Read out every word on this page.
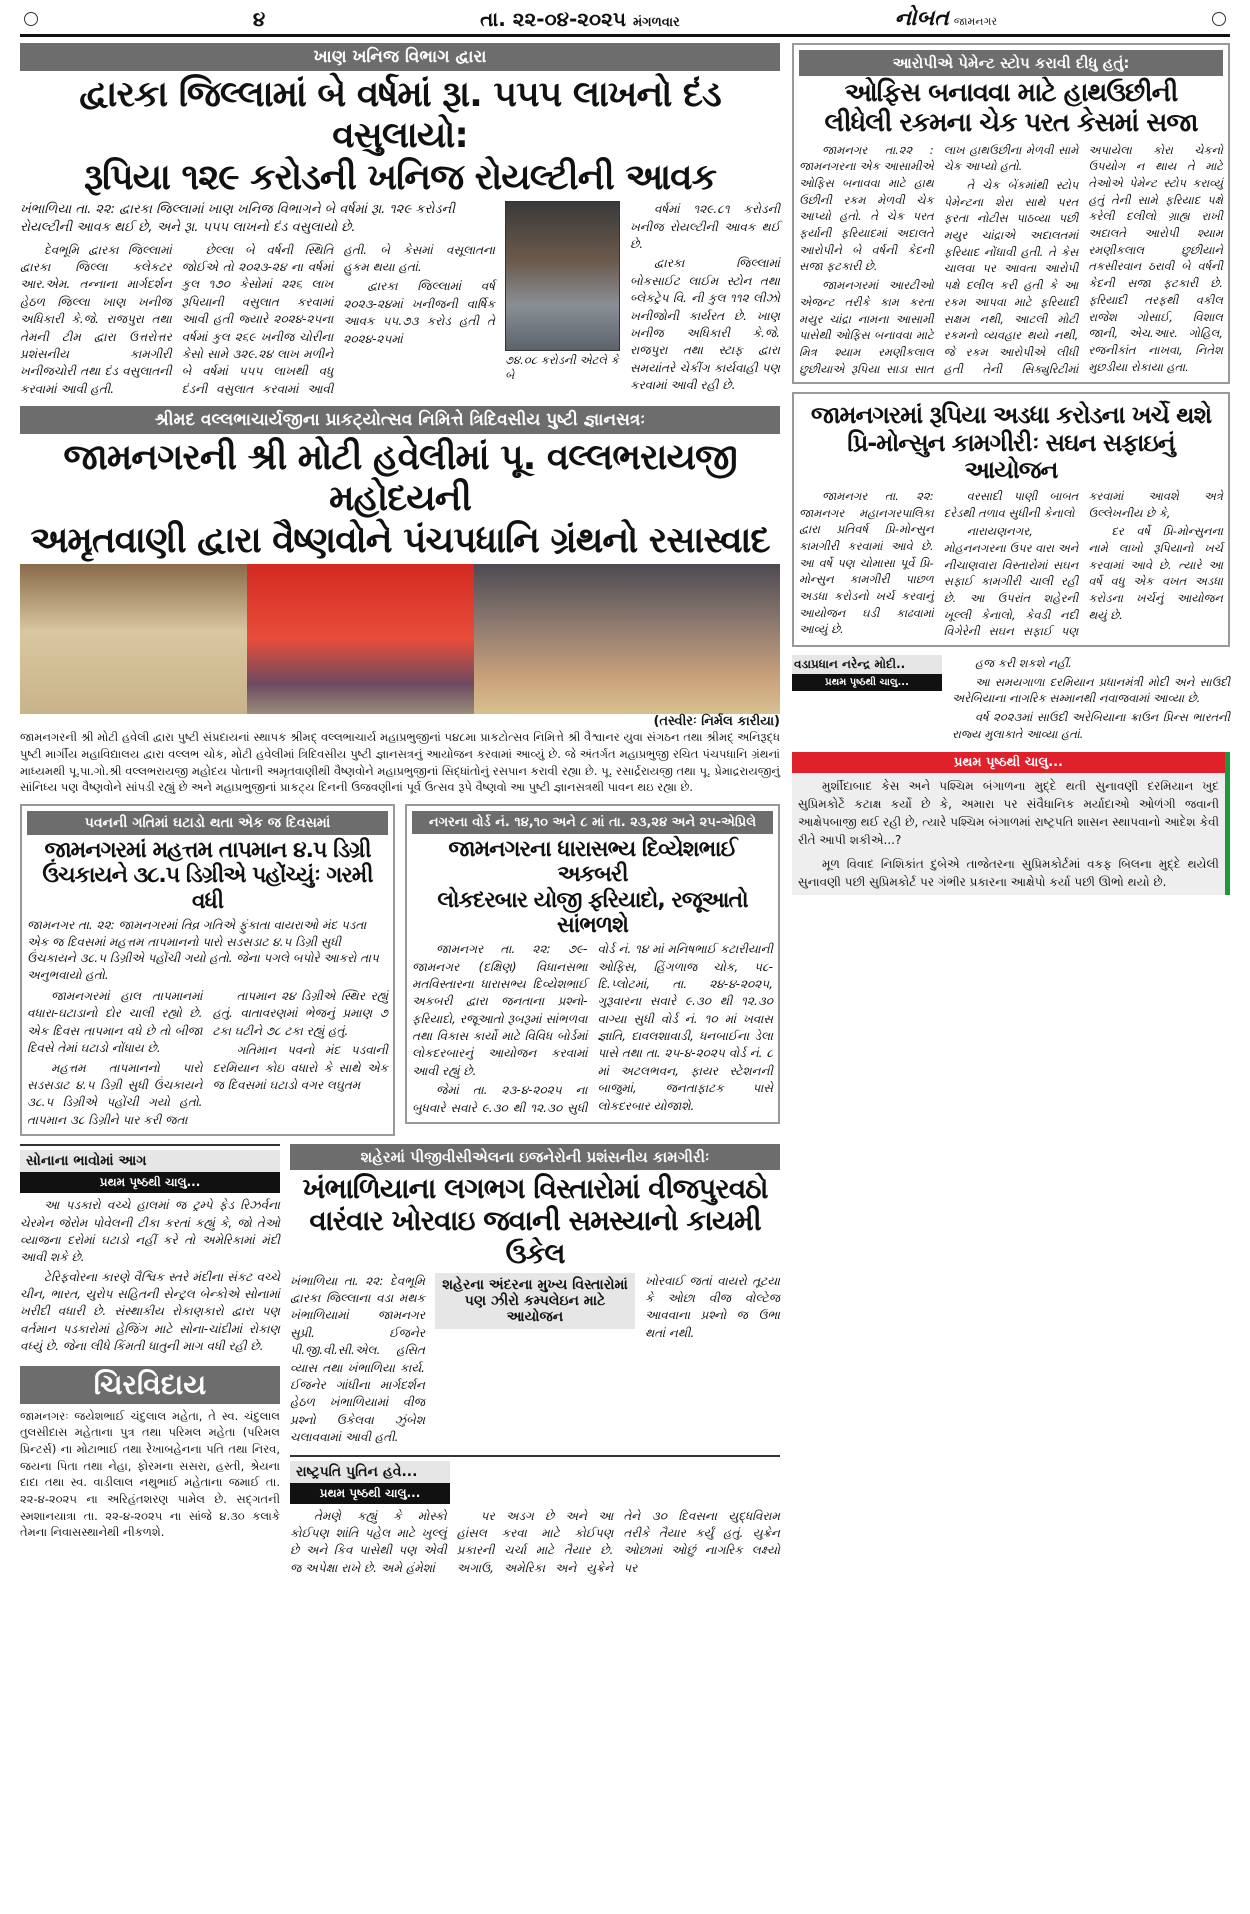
૪	તા. ૨૨-૦૪-૨૦૨૫ મંગળવાર	નોબત જામનગર
ખાણ ખનિજ વિભાગ દ્વારા
દ્વારકા જિલ્લામાં બે વર્ષમાં રૂા. ૫૫૫ લાખનો દંડ વસુલાયો:
રૂપિયા ૧૨૯ કરોડની ખનિજ રોયલ્ટીની આવક
ખંભાળિયા તા. ૨૨: દ્વારકા જિલ્લામાં ખાણ ખનિજ વિભાગને બે વર્ષમાં રૂા. ૧૨૯ કરોડની રોયલ્ટીની આવક થઈ છે, અને રૂા. ૫૫૫ લાખનો દંડ વસુલાયો છે.

દેવભૂમિ દ્વારકા જિલ્લામાં દ્વારકા જિલ્લા કલેકટર આર.એમ. તન્નાના માર્ગદર્શન હેઠળ જિલ્લા ખાણ ખનીજ અધિકારી કે.જે. રાજપુરા તથા તેમની ટીમ દ્વારા ઉત્તરોત્તર પ્રશંસનીય કામગીરી ખનીજચોરી તથા દંડ વસુલાતની કરવામાં આવી હતી.

છેલ્લા બે વર્ષની સ્થિતિ જોઈએ તો ૨૦૨૩-૨૪ ના વર્ષમાં કુલ ૧૭૦ કેસોમાં ૨૨૬ લાખ રૂપિયાની વસુલાત કરવામાં આવી હતી જ્યારે ૨૦૨૪-૨૫ના વર્ષમાં કુલ ૨૬૯ ખનીજ ચોરીના કેસો સામે ૩૨૯.૨૪ લાખ મળીને બે વર્ષમાં ૫૫૫ લાખથી વધુ દંડની વસુલાત કરવામાં આવી હતી. બે કેસમાં વસૂલાતના હુકમ થયા હતાં.

દ્વારકા જિલ્લામાં વર્ષ ૨૦૨૩-૨૪માં ખનીજની વાર્ષિક આવક ૫૫.૭૩ કરોડ હતી તે ૨૦૨૪-૨૫માં

૭૪.૦૮ કરોડની એટલે કે બે

વર્ષમાં ૧૨૯.૮૧ કરોડની ખનીજ રોયલ્ટીની આવક થઈ છે.

દ્વારકા જિલ્લામાં બોકસાઈટ લાઈમ સ્ટોન તથા બ્લેકટ્રેપ વિ. ની કુલ ૧૧૨ લીઝો ખનીજોની કાર્યરત છે. ખાણ ખનીજ અધિકારી કે.જે. રાજપુરા તથા સ્ટાફ દ્વારા સમયાંતરે ચેકીંગ કાર્યવાહી પણ કરવામાં આવી રહી છે.

શ્રીમદ વલ્લભાચાર્યજીના પ્રાકટ્યોત્સવ નિમિત્તે ત્રિદિવસીય પુષ્ટી જ્ઞાનસત્રઃ
જામનગરની શ્રી મોટી હવેલીમાં પૂ. વલ્લભરાયજી મહોદયની
અમૃતવાણી દ્વારા વૈષ્ણવોને પંચપધાનિ ગ્રંથનો રસાસ્વાદ
(તસ્વીરઃ નિર્મલ કારીયા)
જામનગરની શ્રી મોટી હવેલી દ્વારા પુષ્ટી સંપ્રદાયનાં સ્થાપક શ્રીમદ્ વલ્લભાચાર્ય મહાપ્રભુજીનાં ૫૪૮મા પ્રાકટોત્સવ નિમિત્તે શ્રી વૈશ્વાનર યુવા સંગઠન તથા શ્રીમદ્ અનિરૂદ્ધ પુષ્ટી માર્ગીય મહાવિદ્યાલય દ્વારા વલ્લભ ચોક, મોટી હવેલીમાં ત્રિદિવસીય પુષ્ટી જ્ઞાનસત્રનું આયોજન કરવામાં આવ્યું છે. જે અંતર્ગત મહાપ્રભુજી રચિત પંચપધાનિ ગ્રંથનાં માધ્યમથી પૂ.પા.ગો.શ્રી વલ્લભરાયજી મહોદય પોતાની અમૃતવાણીથી વૈષ્ણવોને મહાપ્રભુજીનાં સિદ્ધાંતોનું રસપાન કરાવી રહ્યા છે. પૂ. રસાર્દ્રરાયજી તથા પૂ. પ્રેમાદ્રરાયજીનું સાંનિધ્ય પણ વૈષ્ણવોને સાંપડી રહ્યું છે અને મહાપ્રભુજીનાં પ્રાકટ્ય દિનની ઉજવણીનાં પૂર્વ ઉત્સવ રૂપે વૈષ્ણવો આ પુષ્ટી જ્ઞાનસત્રથી પાવન થઇ રહ્યા છે.
પવનની ગતિમાં ઘટાડો થતા એક જ દિવસમાં
જામનગરમાં મહત્તમ તાપમાન ૪.૫ ડિગ્રી
ઉંચકાયને ૩૮.૫ ડિગ્રીએ પહોંચ્યુંઃ ગરમી વધી
જામનગર તા. ૨૨: જામનગરમાં તિવ્ર ગતિએ ફુંકાતા વાયરાઓ મંદ પડતા એક જ દિવસમાં મહત્તમ તાપમાનનો પારો સડસડાટ ૪.૫ ડિગ્રી સુધી ઉંચકાયને ૩૮.૫ ડિગ્રીએ પહોંચી ગયો હતો. જેના પગલે બપોરે આકરો તાપ અનુભવાયો હતો.

જામનગરમાં હાલ તાપમાનમાં વધારા-ઘટાડાનો દોર ચાલી રહ્યો છે. એક દિવસ તાપમાન વધે છે તો બીજા દિવસે તેમાં ઘટાડો નોંધાય છે.

મહત્તમ તાપમાનનો પારો સડસડાટ ૪.૫ ડિગ્રી સુધી ઉંચકાયને ૩૮.૫ ડિગ્રીએ પહોંચી ગયો હતો. તાપમાન ૩૮ ડિગ્રીને પાર કરી જતા

તાપમાન ૨૪ ડિગ્રીએ સ્થિર રહ્યું હતું. વાતાવરણમાં ભેજનું પ્રમાણ ૭ ટકા ઘટીને ૭૮ ટકા રહ્યું હતું.

ગતિમાન પવનો મંદ પડવાની દરમિયાન કોઇ વધારો કે સાથે એક જ દિવસમાં ઘટાડો વગર લઘુતમ

નગરના વોર્ડ નં. ૧૪,૧૦ અને ૮ માં તા. ૨૩,૨૪ અને ૨૫-એપ્રિલે
જામનગરના ધારાસભ્ય દિવ્યેશભાઈ અકબરી
લોકદરબાર યોજી ફરિયાદો, રજૂઆતો સાંભળશે

જામનગર તા. ૨૨: ૭૯-જામનગર (દક્ષિણ) વિધાનસભા મતવિસ્તારના ધારાસભ્ય દિવ્યેશભાઈ અકબરી દ્વારા જનતાના પ્રશ્નો-ફરિયાદો, રજૂઆતો રૂબરૂમાં સાંભળવા તથા વિકાસ કાર્યો માટે વિવિધ બોર્ડમાં લોકદરબારનું આયોજન કરવામાં આવી રહ્યું છે.

જેમાં તા. ૨૩-૪-૨૦૨૫ ના બુધવારે સવારે ૯.૩૦ થી ૧૨.૩૦ સુધી વોર્ડ નં. ૧૪ માં મનિષભાઈ કટારીયાની ઓફિસ, હિંગળાજ ચોક, ૫૮-દિ.પ્લોટમાં, તા. ૨૪-૪-૨૦૨૫, ગુરૂવારના સવારે ૯.૩૦ થી ૧૨.૩૦ વાગ્યા સુધી વોર્ડ નં. ૧૦ માં ખવાસ જ્ઞાતિ, દાવલશાવાડી, ધનબાઈના ડેલા પાસે તથા તા. ૨૫-૪-૨૦૨૫ વોર્ડ નં. ૮ માં અટલભવન, ફાયર સ્ટેશનની બાજુમાં, જનતાફાટક પાસે લોકદરબાર યોજાશે.

સોનાના ભાવોમાં આગ
પ્રથમ પૃષ્ઠથી ચાલુ...

આ પડકારો વચ્ચે હાલમાં જ ટ્રમ્પે ફેડ રિઝર્વના ચેરમેન જેરોમ પોવેલની ટીકા કરતાં કહ્યું કે, જો તેઓ વ્યાજના દરોમાં ઘટાડો નહીં કરે તો અમેરિકામાં મંદી આવી શકે છે.

ટેરિફવોરના કારણે વૈશ્વિક સ્તરે મંદીના સંકટ વચ્ચે ચીન, ભારત, યુરોપ સહિતની સેન્ટ્રલ બેન્કોએ સોનામાં ખરીદી વધારી છે. સંસ્થાકીય રોકાણકારો દ્વારા પણ વર્તમાન પડકારોમાં હેજિંગ માટે સોના-ચાંદીમાં રોકાણ વધ્યું છે. જેના લીધે કિંમતી ધાતુની માગ વધી રહી છે.

ચિરવિદાય
જામનગરઃ જયેશભાઈ ચંદુલાલ મહેતા, તે સ્વ. ચંદુલાલ તુલસીદાસ મહેતાના પુત્ર તથા પરિમલ મહેતા (પરિમલ પ્રિન્ટર્સ) ના મોટાભાઈ તથા રેખાબહેનના પતિ તથા નિરવ, જયના પિતા તથા નેહા, ફોરમના સસરા, હસ્તી, શ્રેયના દાદા તથા સ્વ. વાડીલાલ નથુભાઈ મહેતાના જમાઈ તા. ૨૨-૪-૨૦૨૫ ના અરિહંતશરણ પામેલ છે. સદ્‌ગતની સ્મશાનયાત્રા તા. ૨૨-૪-૨૦૨૫ ના સાંજે ૪.૩૦ કલાકે તેમના નિવાસસ્થાનેથી નીકળશે.
શહેરમાં પીજીવીસીએલના ઇજનેરોની પ્રશંસનીય કામગીરીઃ
ખંભાળિયાના લગભગ વિસ્તારોમાં વીજપુરવઠો
વારંવાર ખોરવાઇ જવાની સમસ્યાનો કાયમી ઉકેલ
ખંભાળિયા તા. ૨૨: દેવભૂમિ દ્વારકા જિલ્લાના વડા મથક ખંભાળિયામાં જામનગર સુપ્રી. ઈજનેર પી.જી.વી.સી.એલ. હસિત વ્યાસ તથા ખંભાળિયા કાર્ય. ઈજનેર ગાંધીના માર્ગદર્શન હેઠળ ખંભાળિયામાં વીજ પ્રશ્નો ઉકેલવા ઝુંબેશ ચલાવવામાં આવી હતી.
શહેરના અંદરના મુખ્ય વિસ્તારોમાં
પણ ઝીરો કમ્પલેઇન માટે આયોજન
ખોરવાઈ જતાં વાયરો તૂટયા કે ઓછા વીજ વોલ્ટેજ આવવાના પ્રશ્નો જ ઉભા થતાં નથી.
રાષ્ટ્રપતિ પુતિન હવે...
પ્રથમ પૃષ્ઠથી ચાલુ...

તેમણે કહ્યું કે મોસ્કો કોઈપણ શાંતિ પહેલ માટે ખુલ્લું છે અને કિવ પાસેથી પણ એવી જ અપેક્ષા રાખે છે. અમે હંમેશાં

પર અડગ છે અને આ હાંસલ કરવા માટે કોઈપણ પ્રકારની ચર્ચા માટે તૈયાર છે. અગાઉ, અમેરિકા અને યુક્રેને તેને ૩૦ દિવસના યુદ્ધવિરામ તરીકે તૈયાર કર્યું હતું. યુક્રેન ઓછામાં ઓછું નાગરિક લક્ષ્યો પર

આરોપીએ પેમેન્ટ સ્ટોપ કરાવી દીધુ હતું:
ઓફિસ બનાવવા માટે હાથઉછીની
લીધેલી રકમના ચેક પરત કેસમાં સજા

જામનગર તા.૨૨ : જામનગરના એક આસામીએ ઓફિસ બનાવવા માટે હાથ ઉછીની રકમ મેળવી ચેક આપ્યો હતો. તે ચેક પરત ફર્યાની ફરિયાદમાં અદાલતે આરોપીને બે વર્ષની કેદની સજા ફટકારી છે.

જામનગરમાં આરટીઓ એજન્ટ તરીકે કામ કરતા મયુર ચાંદ્રા નામના આસામી પાસેથી ઓફિસ બનાવવા માટે મિત્ર શ્યામ રમણીકલાલ છુછીયાએ રૂપિયા સાડા સાત લાખ હાથઉછીના મેળવી સામે ચેક આપ્યો હતો.

તે ચેક બેંકમાંથી સ્ટોપ પેમેન્ટના શેરા સાથે પરત ફરતા નોટીસ પાઠવ્યા પછી મયુર ચાંદ્રાએ અદાલતમાં ફરિયાદ નોંધાવી હતી. તે કેસ ચાલવા પર આવતા આરોપી પક્ષે દલીલ કરી હતી કે આ રકમ આપવા માટે ફરિયાદી સક્ષમ નથી, આટલી મોટી રકમનો વ્યવહાર થયો નથી, જે રકમ આરોપીએ લીધી હતી તેની સિક્યુરિટીમાં અપાયેલા કોરા ચેકનો ઉપયોગ ન થાય તે માટે તેઓએ પેમેન્ટ સ્ટોપ કરાવ્યું હતું તેની સામે ફરિયાદ પક્ષે કરેલી દલીલો ગ્રાહ્ય રાખી અદાલતે આરોપી શ્યામ રમણીકલાલ છુછીયાને તકસીરવાન ઠરાવી બે વર્ષની કેદની સજા ફટકારી છે. ફરિયાદી તરફથી વકીલ રાજેશ ગોસાઈ, વિશાલ જાની, એચ.આર. ગોહિલ, રજનીકાંત નાખવા, નિતેશ મુછડીયા રોકાયા હતા.

જામનગરમાં રૂપિયા અડધા કરોડના ખર્ચે થશે
પ્રિ-મોન્સુન કામગીરીઃ સઘન સફાઇનું આયોજન

જામનગર તા. ૨૨: જામનગર મહાનગરપાલિકા દ્વારા પ્રતિવર્ષ પ્રિ-મોન્સુન કામગીરી કરવામાં આવે છે. આ વર્ષે પણ ચોમાસા પૂર્વે પ્રિ-મોન્સુન કામગીરી પાછળ અડધા કરોડનો ખર્ચ કરવાનું આયોજન ઘડી કાઢવામાં આવ્યું છે.

વરસાદી પાણી બાબત દરેડથી તળાવ સુધીની કેનાલો

નારાયણનગર, મોહનનગરના ઉપર વારા અને નીચાણવારા વિસ્તારોમાં સઘન સફાઈ કામગીરી ચાલી રહી છે. આ ઉપરાંત શહેરની ખૂલ્લી કેનાલો, કેવડી નદી વિગેરેની સઘન સફાઈ પણ કરવામાં આવશે અત્રે ઉલ્લેખનીય છે કે,

દર વર્ષે પ્રિ-મોન્સુનના નામે લાખો રૂપિયાનો ખર્ચ કરવામાં આવે છે. ત્યારે આ વર્ષે વધુ એક વખત અડધા કરોડના ખર્ચનું આયોજન થયું છે.

વડાપ્રધાન નરેન્દ્ર મોદી..
પ્રથમ પૃષ્ઠથી ચાલુ...

હજ કરી શકશે નહીં.

આ સમયગાળા દરમિયાન પ્રધાનમંત્રી મોદી અને સાઉદી અરેબિયાના નાગરિક સમ્માનથી નવાજવામાં આવ્યા છે.

વર્ષ ૨૦૨૩માં સાઉદી અરેબિયાના ક્રાઉન પ્રિન્સ ભારતની રાજ્ય મુલાકાતે આવ્યા હતાં.

પ્રથમ પૃષ્ઠથી ચાલુ...

મુર્શીદાબાદ કેસ અને પશ્ચિમ બંગાળના મુદ્દે થતી સુનાવણી દરમિયાન ખુદ સુપ્રિમકોર્ટે કટાક્ષ કર્યો છે કે, અમારા પર સંવૈધાનિક મર્યાદાઓ ઓળંગી જવાની આક્ષેપબાજી થઈ રહી છે, ત્યારે પશ્ચિમ બંગાળમાં રાષ્ટ્રપતિ શાસન સ્થાપવાનો આદેશ કેવી રીતે આપી શકીએ...?

મૂળ વિવાદ નિશિકાંત દુબેએ તાજેતરના સુપ્રિમકોર્ટમાં વકફ બિલના મુદ્દે થયેલી સુનાવણી પછી સુપ્રિમકોર્ટ પર ગંભીર પ્રકારના આક્ષેપો કર્યા પછી ઊભો થયો છે.
